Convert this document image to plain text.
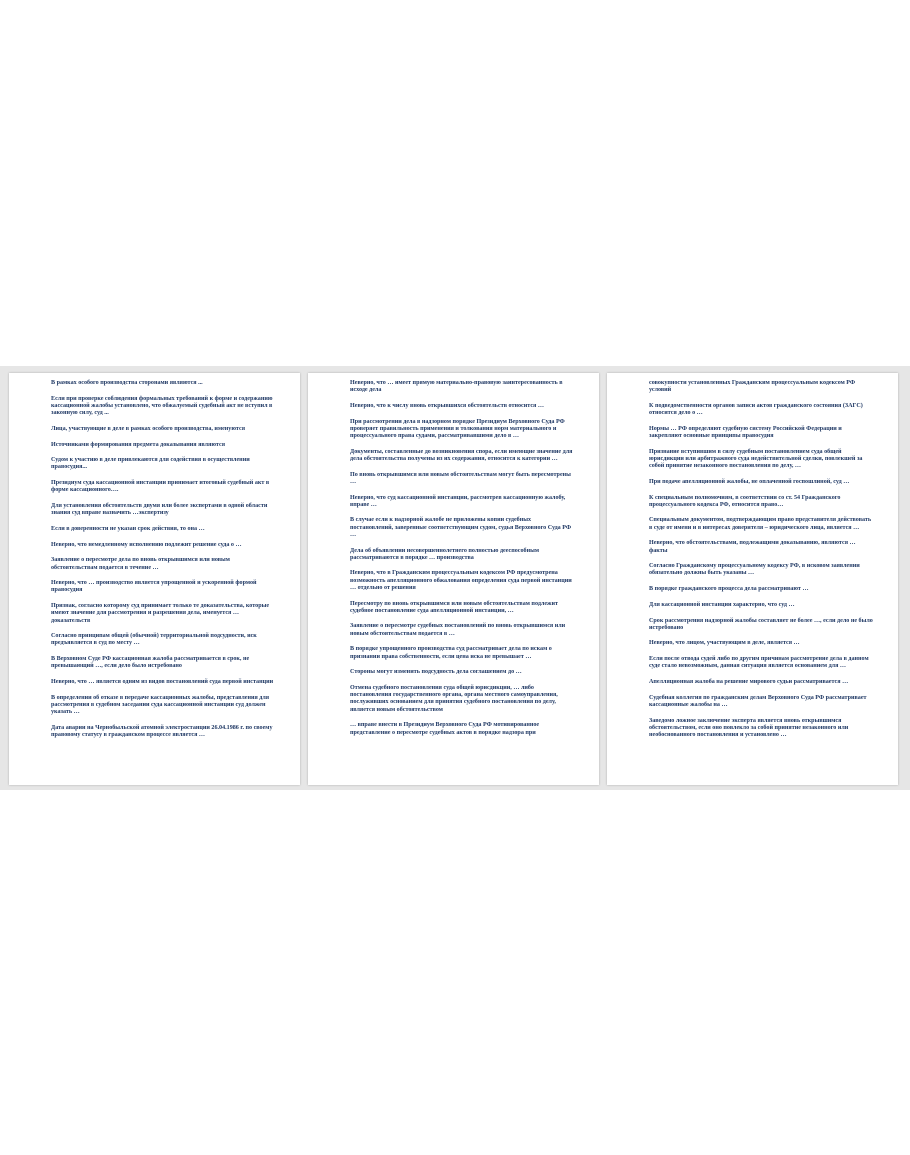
В рамках особого производства сторонами являются ...

Если при проверке соблюдения формальных требований к форме и содержанию кассационной жалобы установлено, что обжалуемый судебный акт не вступил в законную силу, суд ...

Лица, участвующие в деле в рамках особого производства, именуются

Источниками формирования предмета доказывания являются

Судом к участию в деле привлекаются для содействия в осуществлении правосудия...

Президиум суда кассационной инстанции принимает итоговый судебный акт в форме кассационного….

Для установления обстоятельств двумя или более экспертами в одной области знания суд вправе назначить …экспертизу

Если в доверенности не указан срок действия, то она …

Неверно, что немедленному исполнению подлежит решение суда о …

Заявление о пересмотре дела по вновь открывшимся или новым обстоятельствам подается в течение …

Неверно, что … производство является упрощенной и ускоренной формой правосудия

Признак, согласно которому суд принимает только те доказательства, которые имеют значение для рассмотрения и разрешения дела, именуется … доказательств

Согласно принципам общей (обычной) территориальной подсудности, иск предъявляется в суд по месту …

В Верховном Суде РФ кассационная жалоба рассматривается в срок, не превышающий …, если дело было истребовано

Неверно, что … является одним из видов постановлений суда первой инстанции

В определении об отказе в передаче кассационных жалобы, представления для рассмотрения в судебном заседании суда кассационной инстанции суд должен указать …

Дата аварии на Чернобыльской атомной электростанции 26.04.1986 г. по своему правовому статусу в гражданском процессе является …

Неверно, что … имеет прямую материально-правовую заинтересованность в исходе дела

Неверно, что к числу вновь открывшихся обстоятельств относится …

При рассмотрении дела в надзорном порядке Президиум Верховного Суда РФ проверяет правильность применения и толкования норм материального и процессуального права судами, рассматривавшими дело в …

Документы, составленные до возникновения спора, если имеющие значение для дела обстоятельства получены из их содержания, относится к категории …

По вновь открывшимся или новым обстоятельствам могут быть пересмотрены …

Неверно, что суд кассационной инстанции, рассмотрев кассационную жалобу, вправе …

В случае если к надзорной жалобе не приложены копии судебных постановлений, заверенные соответствующим судом, судья Верховного Суда РФ …

Дела об объявлении несовершеннолетнего полностью дееспособным рассматриваются в порядке … производства

Неверно, что в Гражданским процессуальным кодексом РФ предусмотрена возможность апелляционного обжалования определения суда первой инстанции … отдельно от решения

Пересмотру по вновь открывшимся или новым обстоятельствам подлежит судебное постановление суда апелляционной инстанции, …

Заявление о пересмотре судебных постановлений по вновь открывшимся или новым обстоятельствам подается в …

В порядке упрощенного производства суд рассматривает дела по искам о признании права собственности, если цена иска не превышает …

Стороны могут изменить подсудность дела соглашением до …

Отмена судебного постановления суда общей юрисдикции, … либо постановления государственного органа, органа местного самоуправления, послуживших основанием для принятия судебного постановления по делу, является новым обстоятельством

… вправе внести в Президиум Верховного Суда РФ мотивированное представление о пересмотре судебных актов в порядке надзора при

совокупности установленных Гражданским процессуальным кодексом РФ условий

К подведомственности органов записи актов гражданского состояния (ЗАГС) относится дело о …

Нормы … РФ определяют судебную систему Российской Федерации и закрепляют основные принципы правосудия

Признание вступившим в силу судебным постановлением суда общей юрисдикции или арбитражного суда недействительной сделки, повлекшей за собой принятие незаконного постановления по делу, …

При подаче апелляционной жалобы, не оплаченной госпошлиной, суд …

К специальным полномочиям, в соответствии со ст. 54 Гражданского процессуального кодекса РФ, относится право…

Специальным документом, подтверждающим право представителя действовать в суде от имени и в интересах доверителя – юридического лица, является …

Неверно, что обстоятельствами, подлежащими доказыванию, являются … факты

Согласно Гражданскому процессуальному кодексу РФ, в исковом заявлении обязательно должны быть указаны …

В порядке гражданского процесса дела рассматривают …

Для кассационной инстанции характерно, что суд …

Срок рассмотрения надзорной жалобы составляет не более …, если дело не было истребовано

Неверно, что лицом, участвующим в деле, является …

Если после отвода судей либо по другим причинам рассмотрение дела в данном суде стало невозможным, данная ситуация является основанием для …

Апелляционная жалоба на решение мирового судьи рассматривается …

Судебная коллегия по гражданским делам Верховного Суда РФ рассматривает кассационные жалобы на …

Заведомо ложное заключение эксперта является вновь открывшимся обстоятельством, если оно повлекло за собой принятие незаконного или необоснованного постановления и установлено …
